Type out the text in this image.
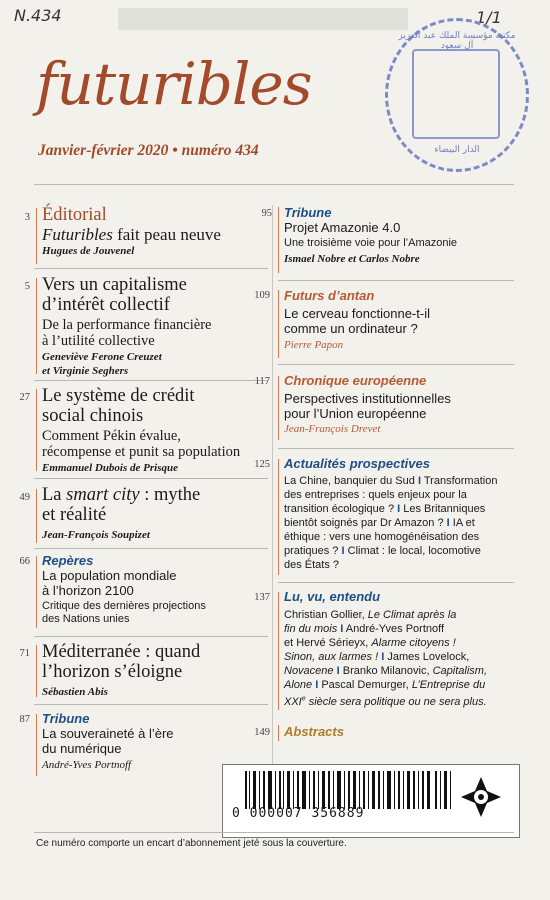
N.434	1/1
مكتبة مؤسسة الملك عبد العزيز آل سعود
الدار البيضاء
futuribles
Janvier-février 2020 • numéro 434
3 Éditorial
Futuribles fait peau neuve
Hugues de Jouvenel
5 Vers un capitalisme
d’intérêt collectif
De la performance financière
à l’utilité collective
Geneviève Ferone Creuzet
et Virginie Seghers
27 Le système de crédit
social chinois
Comment Pékin évalue,
récompense et punit sa population
Emmanuel Dubois de Prisque
49 La smart city : mythe
et réalité
Jean-François Soupizet
66 Repères
La population mondiale
à l’horizon 2100
Critique des dernières projections
des Nations unies
71 Méditerranée : quand
l’horizon s’éloigne
Sébastien Abis
87 Tribune
La souveraineté à l’ère
du numérique
André-Yves Portnoff
95 Tribune
Projet Amazonie 4.0
Une troisième voie pour l’Amazonie
Ismael Nobre et Carlos Nobre
109 Futurs d’antan
Le cerveau fonctionne-t-il
comme un ordinateur ?
Pierre Papon
117 Chronique européenne
Perspectives institutionnelles
pour l’Union européenne
Jean-François Drevet
125 Actualités prospectives
La Chine, banquier du Sud I Transformation
des entreprises : quels enjeux pour la
transition écologique ? I Les Britanniques
bientôt soignés par Dr Amazon ? I IA et
éthique : vers une homogénéisation des
pratiques ? I Climat : le local, locomotive
des États ?
137 Lu, vu, entendu
Christian Gollier, Le Climat après la
fin du mois I André-Yves Portnoff
et Hervé Sérieyx, Alarme citoyens !
Sinon, aux larmes ! I James Lovelock,
Novacene I Branko Milanovic, Capitalism,
Alone I Pascal Demurger, L’Entreprise du
XXIe siècle sera politique ou ne sera plus.
149 Abstracts
0 000007 356889
Ce numéro comporte un encart d’abonnement jeté sous la couverture.
